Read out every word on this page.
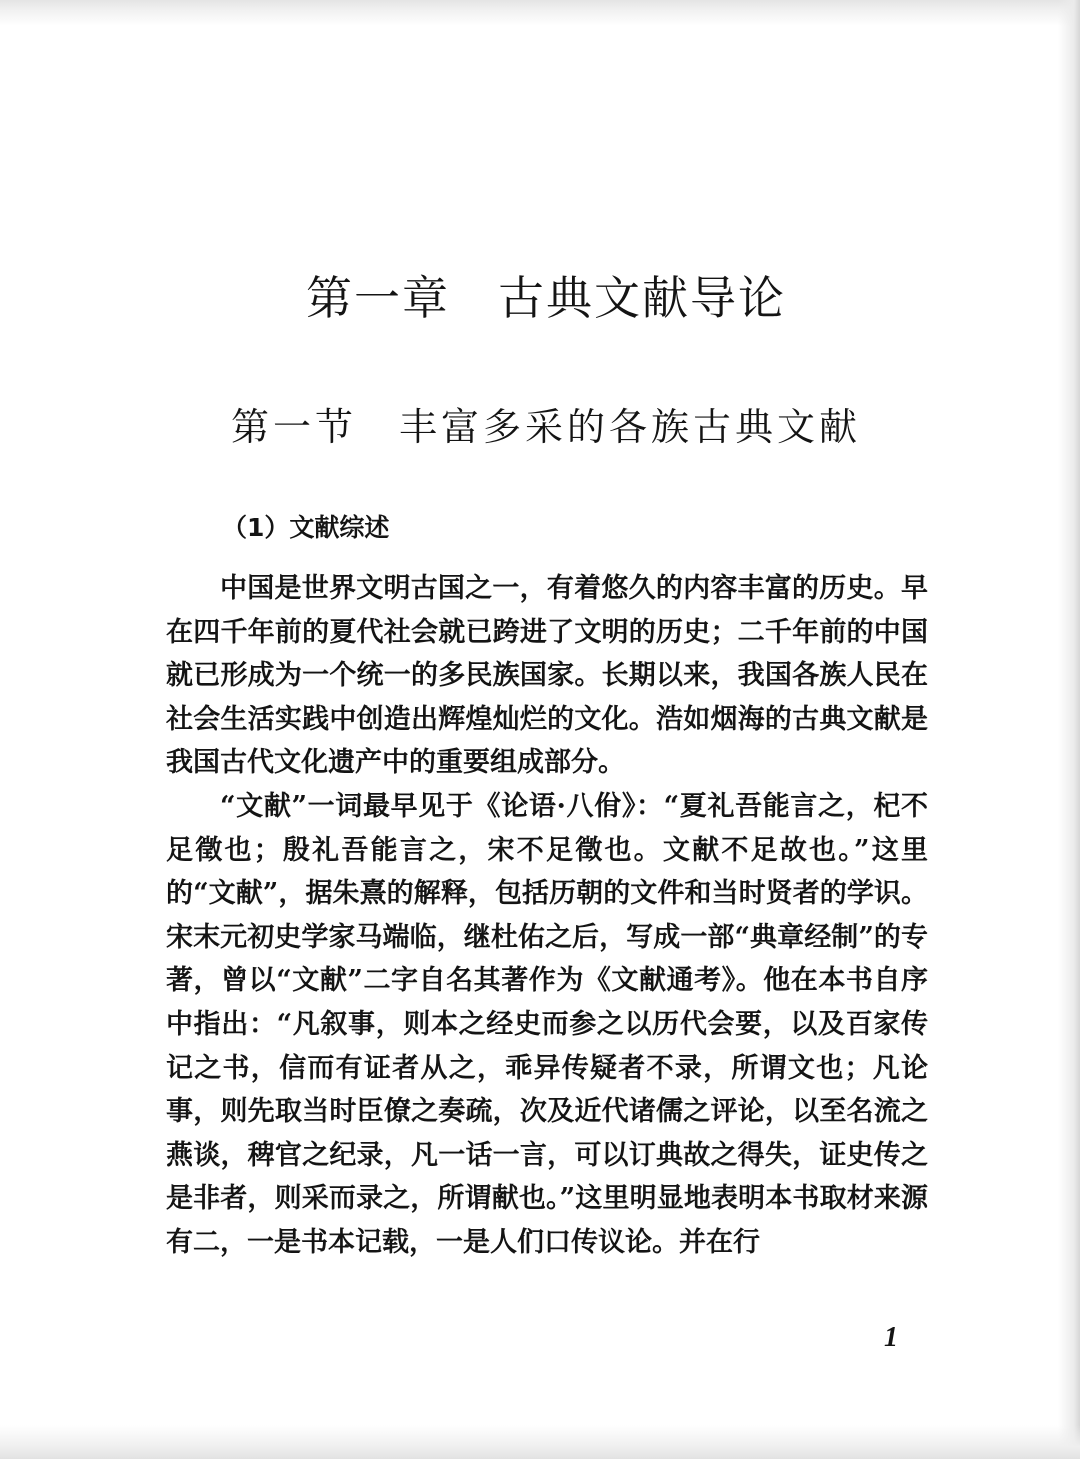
第一章　古典文献导论
第一节　丰富多采的各族古典文献
（1）文献综述

中国是世界文明古国之一，有着悠久的内容丰富的历史。早在四千年前的夏代社会就已跨进了文明的历史；二千年前的中国就已形成为一个统一的多民族国家。长期以来，我国各族人民在社会生活实践中创造出辉煌灿烂的文化。浩如烟海的古典文献是我国古代文化遗产中的重要组成部分。

“文献”一词最早见于《论语·八佾》：“夏礼吾能言之，杞不足徵也；殷礼吾能言之，宋不足徵也。文献不足故也。”这里的“文献”，据朱熹的解释，包括历朝的文件和当时贤者的学识。宋末元初史学家马端临，继杜佑之后，写成一部“典章经制”的专著，曾以“文献”二字自名其著作为《文献通考》。他在本书自序中指出：“凡叙事，则本之经史而参之以历代会要，以及百家传记之书，信而有证者从之，乖异传疑者不录，所谓文也；凡论事，则先取当时臣僚之奏疏，次及近代诸儒之评论，以至名流之燕谈，稗官之纪录，凡一话一言，可以订典故之得失，证史传之是非者，则采而录之，所谓献也。”这里明显地表明本书取材来源有二，一是书本记载，一是人们口传议论。并在行

1
